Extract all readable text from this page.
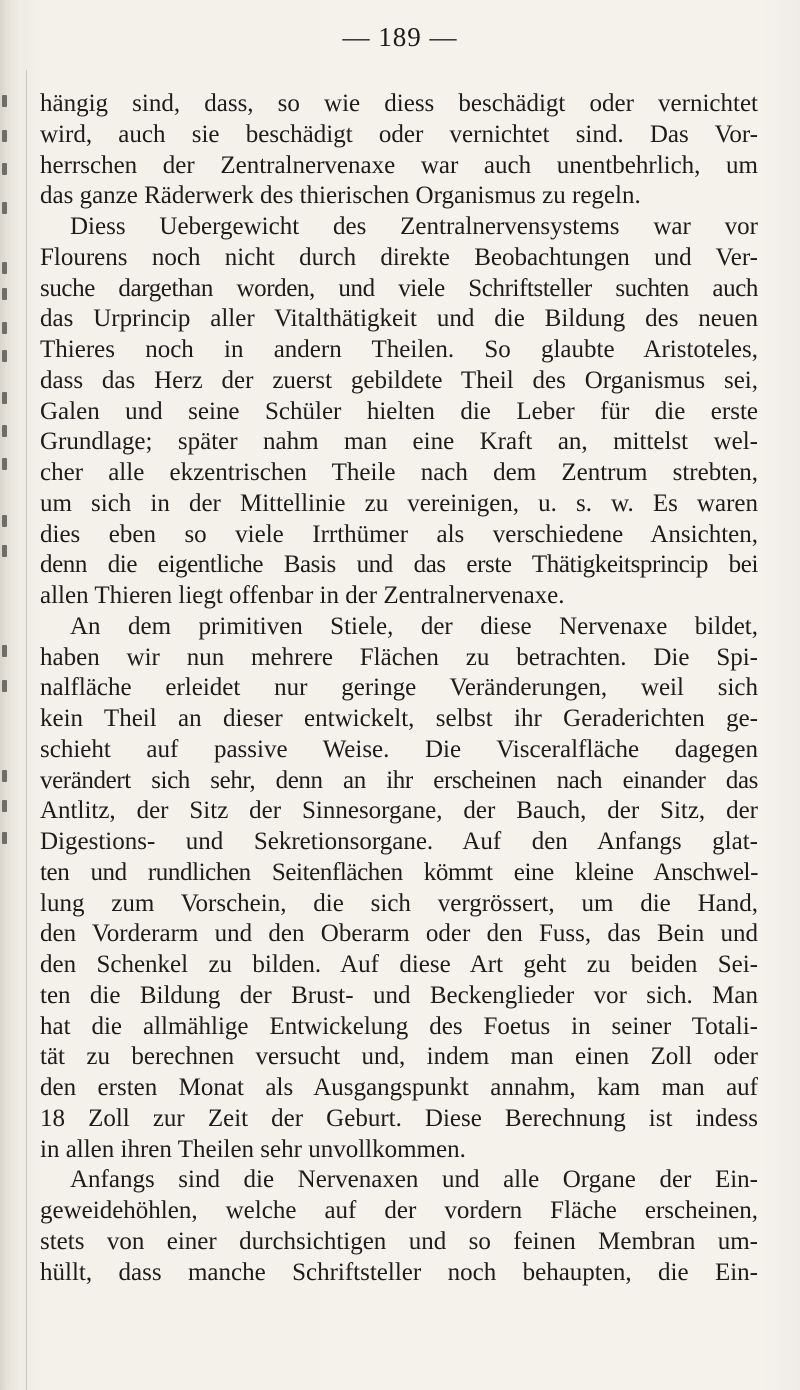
— 189 —
hängig sind, dass, so wie diess beschädigt oder vernichtet
wird, auch sie beschädigt oder vernichtet sind. Das Vor-
herrschen der Zentralnervenaxe war auch unentbehrlich, um
das ganze Räderwerk des thierischen Organismus zu regeln.
Diess Uebergewicht des Zentralnervensystems war vor
Flourens noch nicht durch direkte Beobachtungen und Ver-
suche dargethan worden, und viele Schriftsteller suchten auch
das Urprincip aller Vitalthätigkeit und die Bildung des neuen
Thieres noch in andern Theilen. So glaubte Aristoteles,
dass das Herz der zuerst gebildete Theil des Organismus sei,
Galen und seine Schüler hielten die Leber für die erste
Grundlage; später nahm man eine Kraft an, mittelst wel-
cher alle ekzentrischen Theile nach dem Zentrum strebten,
um sich in der Mittellinie zu vereinigen, u. s. w. Es waren
dies eben so viele Irrthümer als verschiedene Ansichten,
denn die eigentliche Basis und das erste Thätigkeitsprincip bei
allen Thieren liegt offenbar in der Zentralnervenaxe.
An dem primitiven Stiele, der diese Nervenaxe bildet,
haben wir nun mehrere Flächen zu betrachten. Die Spi-
nalfläche erleidet nur geringe Veränderungen, weil sich
kein Theil an dieser entwickelt, selbst ihr Geraderichten ge-
schieht auf passive Weise. Die Visceralfläche dagegen
verändert sich sehr, denn an ihr erscheinen nach einander das
Antlitz, der Sitz der Sinnesorgane, der Bauch, der Sitz, der
Digestions- und Sekretionsorgane. Auf den Anfangs glat-
ten und rundlichen Seitenflächen kömmt eine kleine Anschwel-
lung zum Vorschein, die sich vergrössert, um die Hand,
den Vorderarm und den Oberarm oder den Fuss, das Bein und
den Schenkel zu bilden. Auf diese Art geht zu beiden Sei-
ten die Bildung der Brust- und Beckenglieder vor sich. Man
hat die allmählige Entwickelung des Foetus in seiner Totali-
tät zu berechnen versucht und, indem man einen Zoll oder
den ersten Monat als Ausgangspunkt annahm, kam man auf
18 Zoll zur Zeit der Geburt. Diese Berechnung ist indess
in allen ihren Theilen sehr unvollkommen.
Anfangs sind die Nervenaxen und alle Organe der Ein-
geweidehöhlen, welche auf der vordern Fläche erscheinen,
stets von einer durchsichtigen und so feinen Membran um-
hüllt, dass manche Schriftsteller noch behaupten, die Ein-
